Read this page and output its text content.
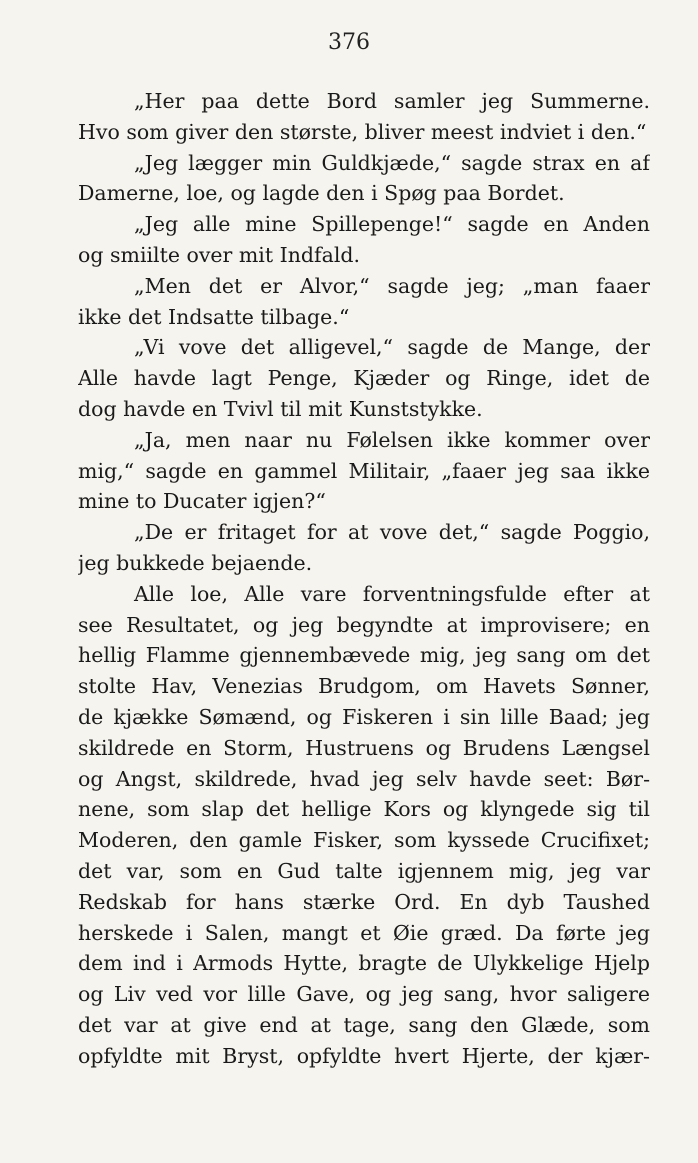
376
„Her paa dette Bord samler jeg Summerne.
Hvo som giver den største, bliver meest indviet i den.“
„Jeg lægger min Guldkjæde,“ sagde strax en af
Damerne, loe, og lagde den i Spøg paa Bordet.
„Jeg alle mine Spillepenge!“ sagde en Anden
og smiilte over mit Indfald.
„Men det er Alvor,“ sagde jeg; „man faaer
ikke det Indsatte tilbage.“
„Vi vove det alligevel,“ sagde de Mange, der
Alle havde lagt Penge, Kjæder og Ringe, idet de
dog havde en Tvivl til mit Kunststykke.
„Ja, men naar nu Følelsen ikke kommer over
mig,“ sagde en gammel Militair, „faaer jeg saa ikke
mine to Ducater igjen?“
„De er fritaget for at vove det,“ sagde Poggio,
jeg bukkede bejaende.
Alle loe, Alle vare forventningsfulde efter at
see Resultatet, og jeg begyndte at improvisere; en
hellig Flamme gjennembævede mig, jeg sang om det
stolte Hav, Venezias Brudgom, om Havets Sønner,
de kjække Sømænd, og Fiskeren i sin lille Baad; jeg
skildrede en Storm, Hustruens og Brudens Længsel
og Angst, skildrede, hvad jeg selv havde seet: Bør-
nene, som slap det hellige Kors og klyngede sig til
Moderen, den gamle Fisker, som kyssede Crucifixet;
det var, som en Gud talte igjennem mig, jeg var
Redskab for hans stærke Ord. En dyb Taushed
herskede i Salen, mangt et Øie græd. Da førte jeg
dem ind i Armods Hytte, bragte de Ulykkelige Hjelp
og Liv ved vor lille Gave, og jeg sang, hvor saligere
det var at give end at tage, sang den Glæde, som
opfyldte mit Bryst, opfyldte hvert Hjerte, der kjær-
